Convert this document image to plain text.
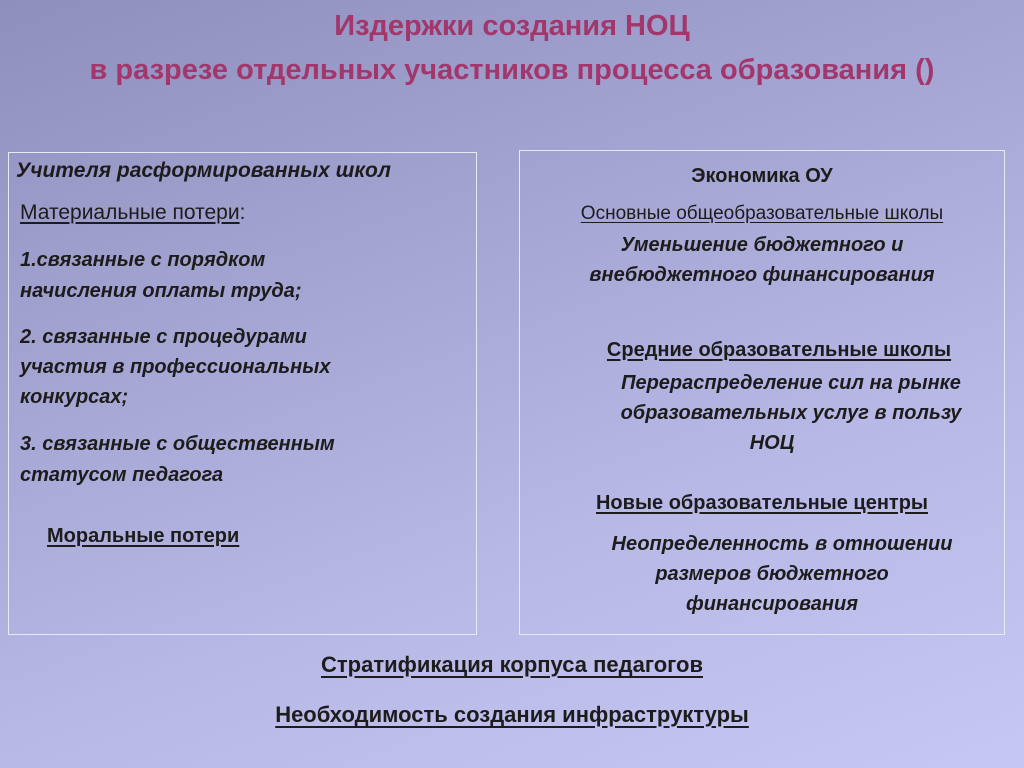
Издержки создания НОЦ
в разрезе отдельных участников процесса образования ()
Учителя расформированных школ
Материальные потери:
1.связанные с порядком
начисления оплаты труда;
2. связанные с процедурами
участия в профессиональных
конкурсах;
3. связанные с общественным
статусом педагога
Моральные потери
Экономика ОУ
Основные общеобразовательные школы
Уменьшение бюджетного и
внебюджетного финансирования
Средние образовательные школы
Перераспределение сил на рынке
образовательных услуг в пользу
НОЦ
Новые образовательные центры
Неопределенность в отношении
размеров бюджетного
финансирования
Стратификация корпуса педагогов
Необходимость создания инфраструктуры
